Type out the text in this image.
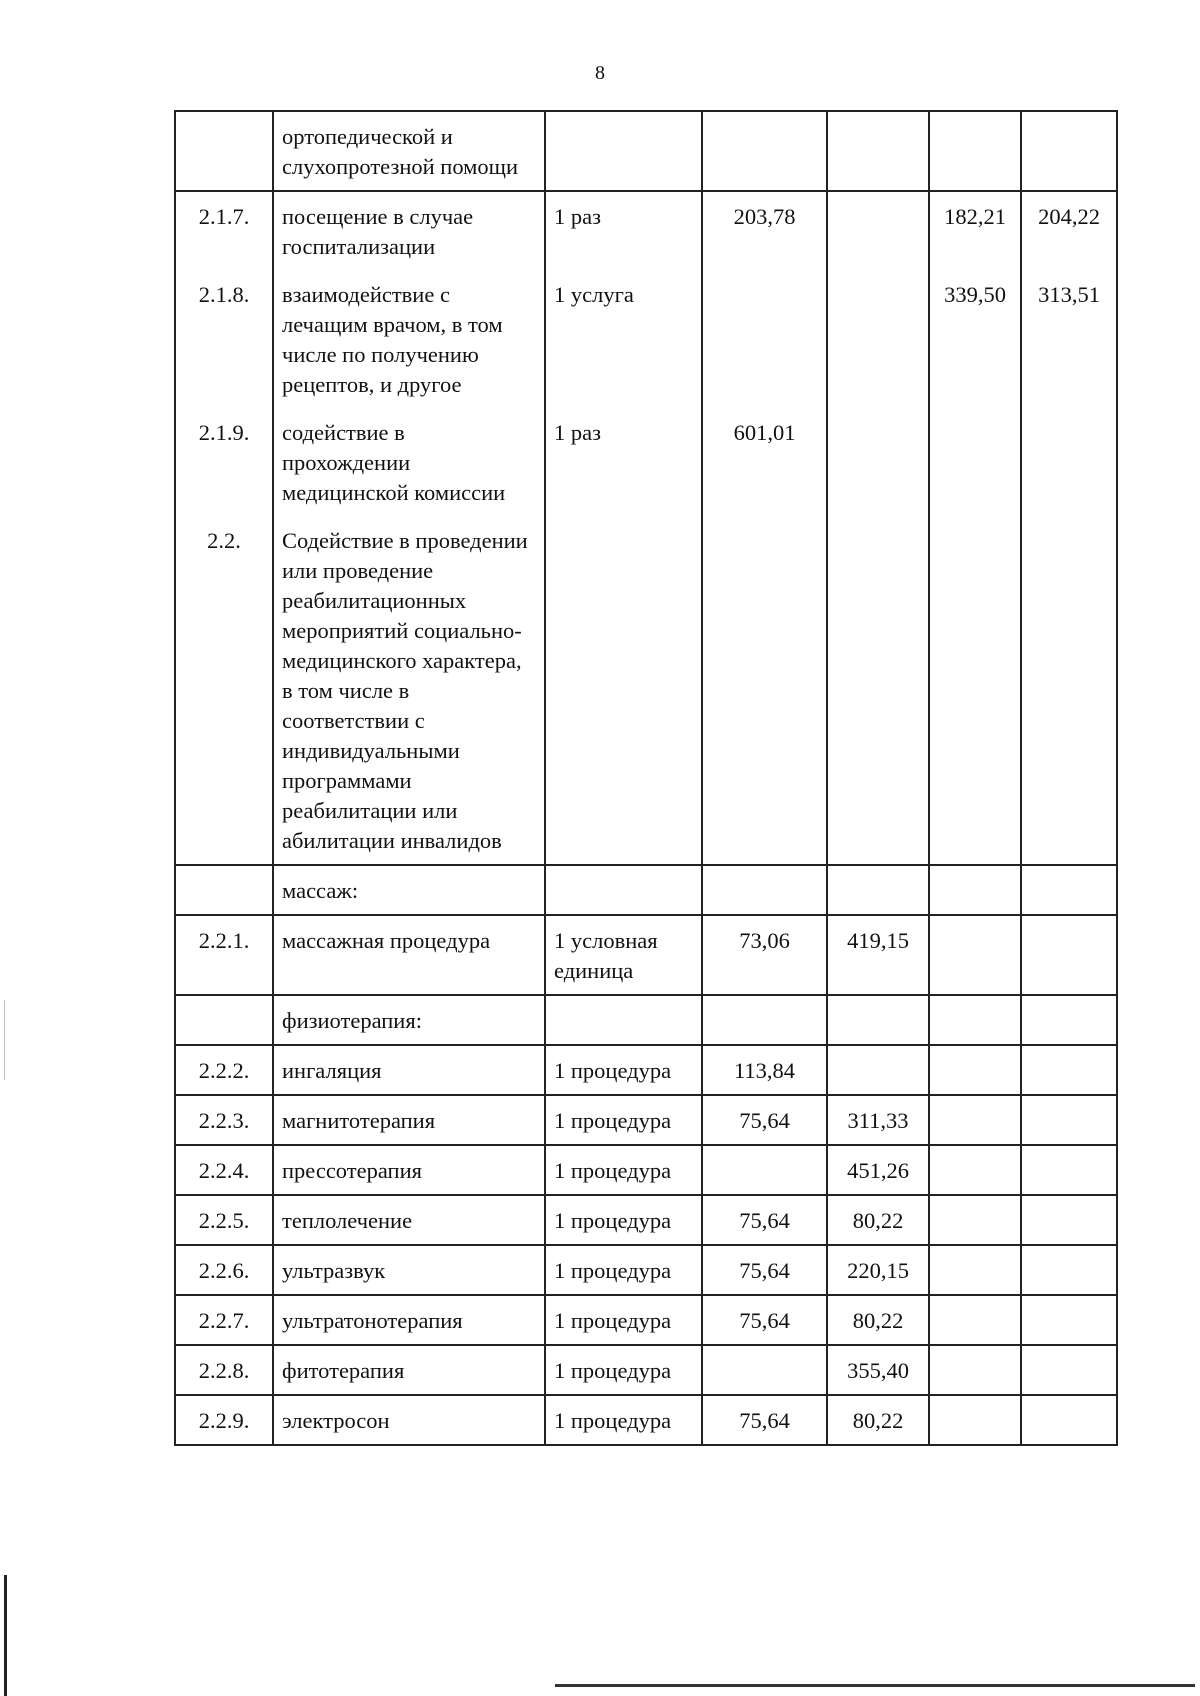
8
	ортопедической и слухопротезной помощи					
2.1.7.	посещение в случае госпитализации	1 раз	203,78		182,21	204,22
2.1.8.	взаимодействие с лечащим врачом, в том числе по получению рецептов, и другое	1 услуга			339,50	313,51
2.1.9.	содействие в прохождении медицинской комиссии	1 раз	601,01			
2.2.	Содействие в проведении или проведение реабилитационных мероприятий социально-медицинского характера, в том числе в соответствии с индивидуальными программами реабилитации или абилитации инвалидов					
	массаж:					
2.2.1.	массажная процедура	1 условная единица	73,06	419,15		
	физиотерапия:					
2.2.2.	ингаляция	1 процедура	113,84			
2.2.3.	магнитотерапия	1 процедура	75,64	311,33		
2.2.4.	прессотерапия	1 процедура		451,26		
2.2.5.	теплолечение	1 процедура	75,64	80,22		
2.2.6.	ультразвук	1 процедура	75,64	220,15		
2.2.7.	ультратонотерапия	1 процедура	75,64	80,22		
2.2.8.	фитотерапия	1 процедура		355,40		
2.2.9.	электросон	1 процедура	75,64	80,22		
